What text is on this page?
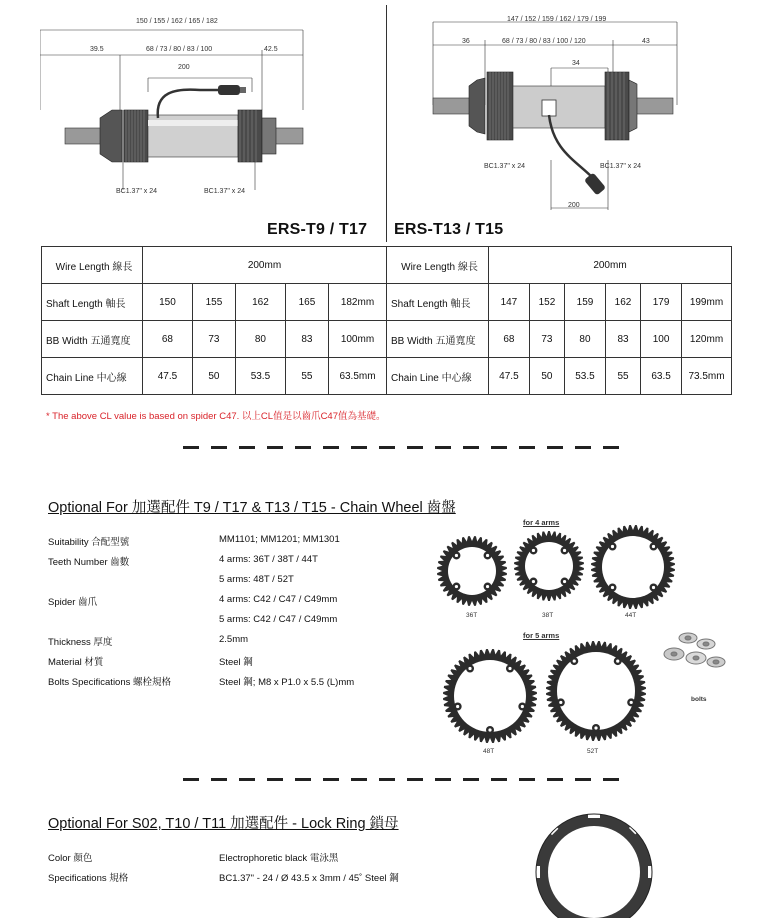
150 / 155 / 162 / 165 / 182
39.5	68 / 73 / 80 / 83 / 100	42.5
200
BC1.37" x 24	BC1.37" x 24
147 / 152 / 159 / 162 / 179 / 199
36	68 / 73 / 80 / 83 / 100 / 120	43
34
BC1.37" x 24	BC1.37" x 24
200
ERS-T9 / T17 ERS-T13 / T15
Wire Length 線長	200mm				
Shaft Length 軸長	150	155	162	165	182mm
BB Width 五通寬度	68	73	80	83	100mm
Chain Line 中心線	47.5	50	53.5	55	63.5mm
Wire Length 線長	200mm					
Shaft Length 軸長	147	152	159	162	179	199mm
BB Width 五通寬度	68	73	80	83	100	120mm
Chain Line 中心線	47.5	50	53.5	55	63.5	73.5mm
* The above CL value is based on spider C47. 以上CL值是以齒爪C47值為基礎。
Optional For 加選配件 T9 / T17 & T13 / T15 - Chain Wheel 齒盤
Suitability 合配型號	MM1101; MM1201; MM1301
Teeth Number 齒數	4 arms: 36T / 38T / 44T
5 arms: 48T / 52T
Spider 齒爪	4 arms: C42 / C47 / C49mm
5 arms: C42 / C47 / C49mm
Thickness 厚度	2.5mm
Material 材質	Steel 鋼
Bolts Specifications 螺栓規格	Steel 鋼; M8 x P1.0 x 5.5 (L)mm
for 4 arms
for 5 arms
36T	38T	44T
48T	52T
bolts
Optional For S02, T10 / T11 加選配件 - Lock Ring 鎖母
Color 顏色	Electrophoretic black 電泳黑
Specifications 規格	BC1.37" - 24 / Ø 43.5 x 3mm / 45˚ Steel 鋼
